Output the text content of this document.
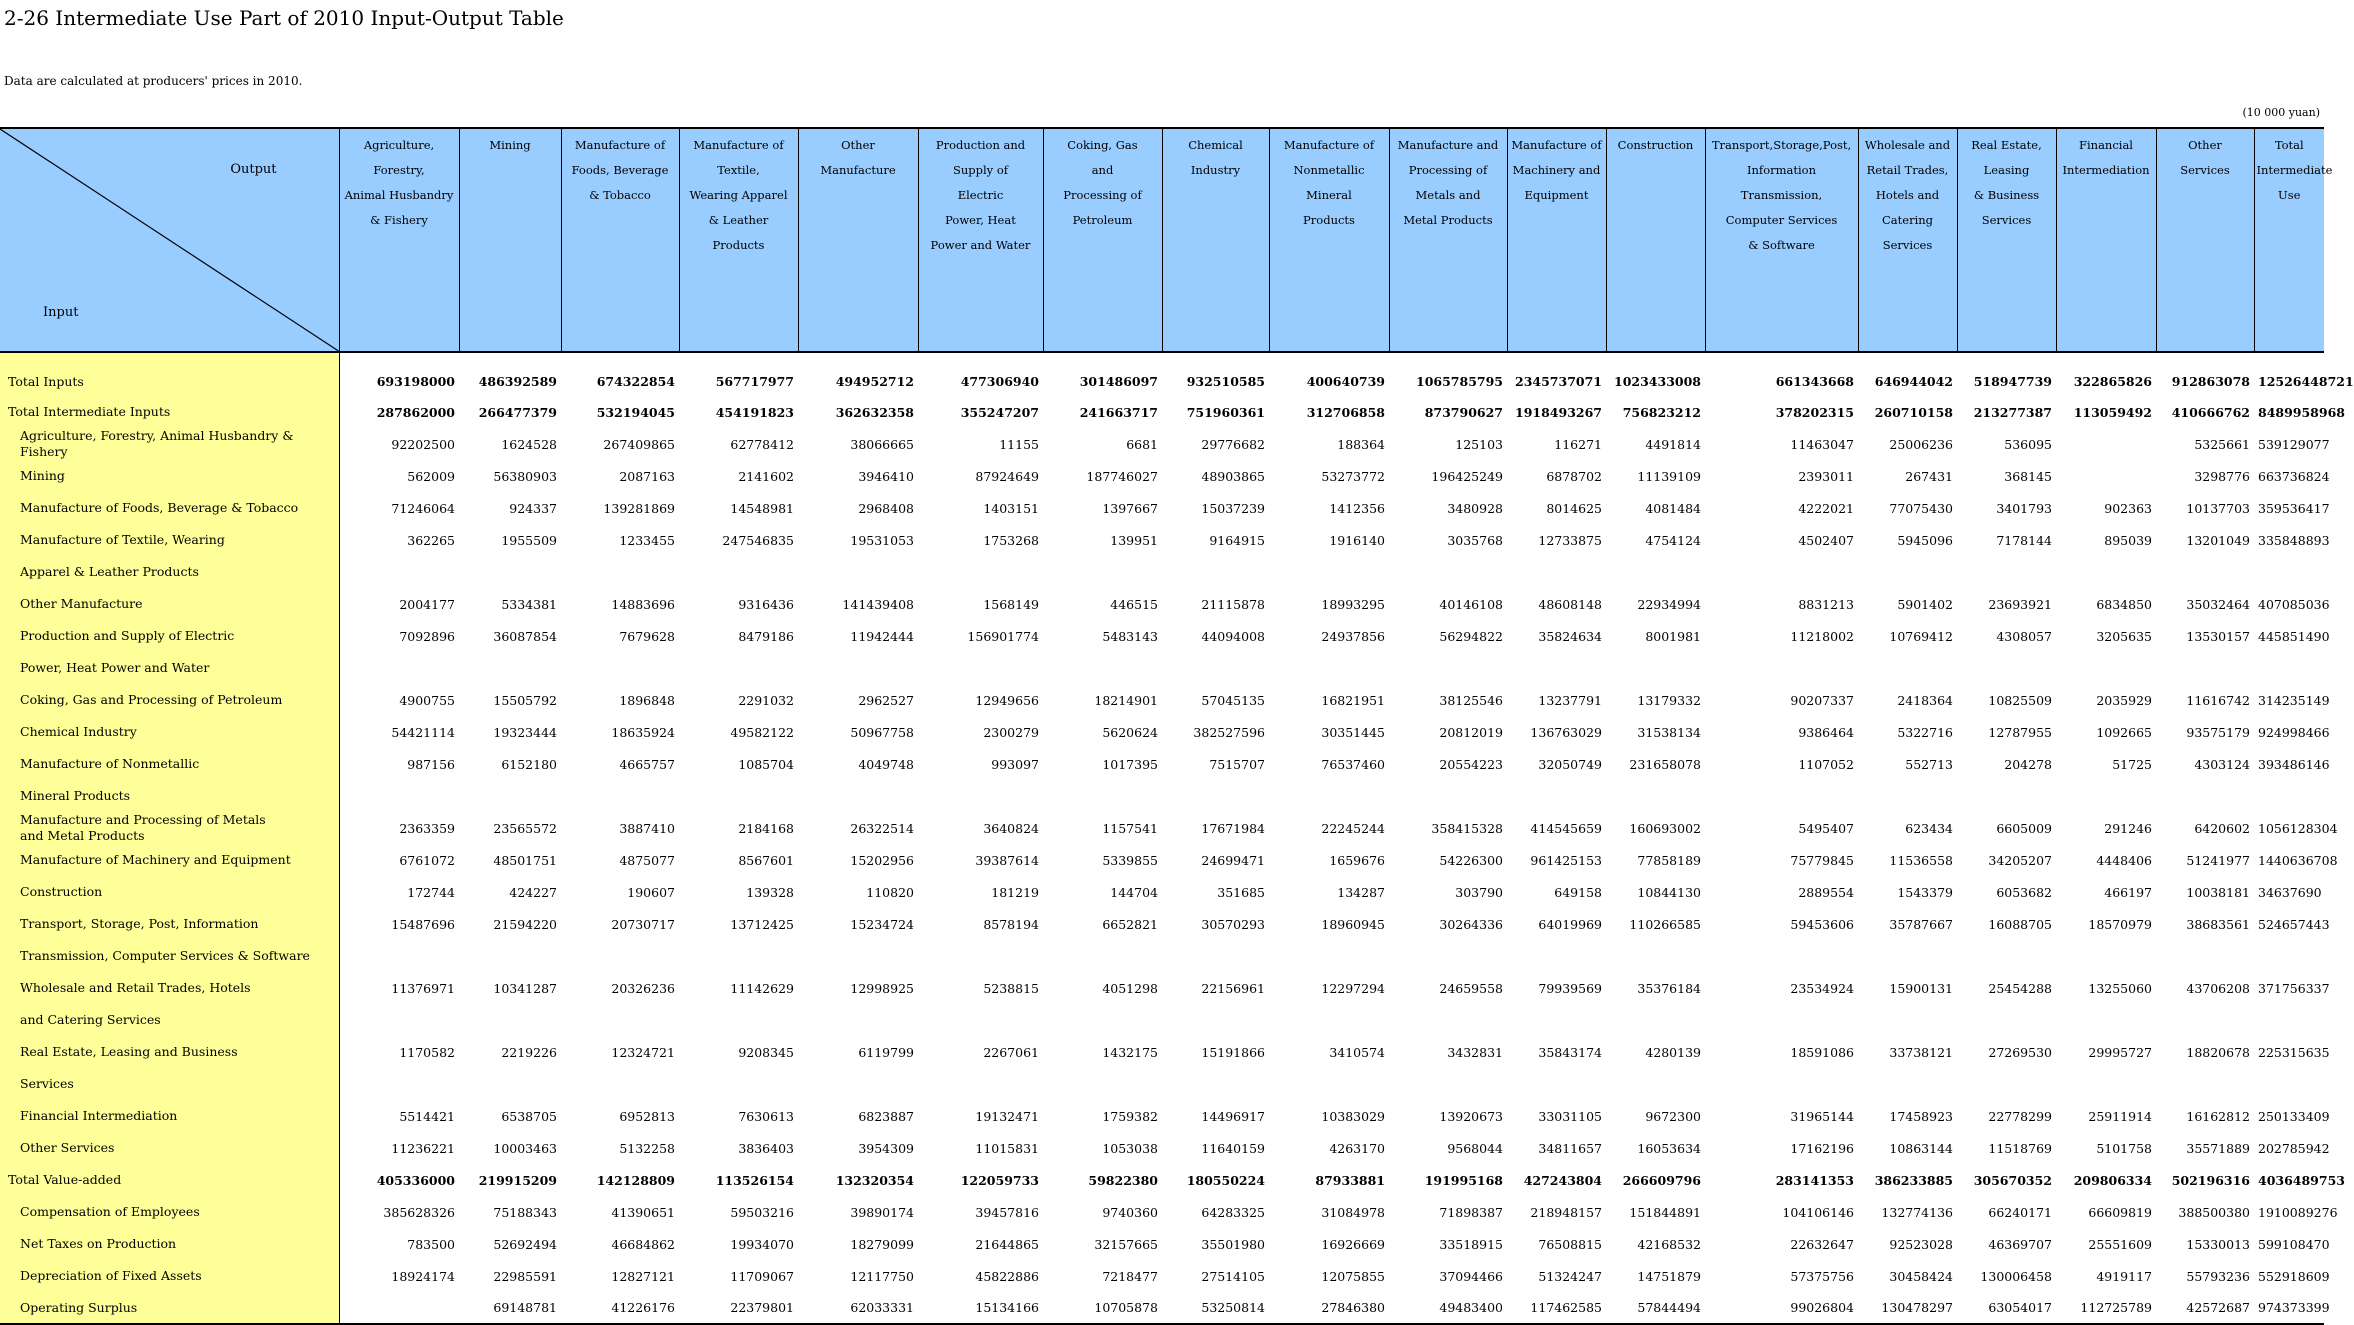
2-26 Intermediate Use Part of 2010 Input-Output Table
Data are calculated at producers' prices in 2010.
(10 000 yuan)
Output
Input	Agriculture,
Forestry,
Animal Husbandry
& Fishery	Mining	Manufacture of
Foods, Beverage
& Tobacco	Manufacture of
Textile,
Wearing Apparel
& Leather Products	Other
Manufacture	Production and
Supply of
Electric
Power, Heat
Power and Water	Coking, Gas
and
Processing of
Petroleum	Chemical
Industry	Manufacture of
Nonmetallic
Mineral
Products	Manufacture and
Processing of
Metals and
Metal Products	Manufacture of
Machinery and
Equipment	Construction	Transport,Storage,Post,
Information Transmission,
Computer Services
& Software	Wholesale and
Retail Trades,
Hotels and
Catering
Services	Real Estate,
Leasing
& Business
Services	Financial
Intermediation	Other
Services	Total
Intermediate
Use
Total Inputs	693198000	486392589	674322854	567717977	494952712	477306940	301486097	932510585	400640739	1065785795	2345737071	1023433008	661343668	646944042	518947739	322865826	912863078	12526448721
Total Intermediate Inputs	287862000	266477379	532194045	454191823	362632358	355247207	241663717	751960361	312706858	873790627	1918493267	756823212	378202315	260710158	213277387	113059492	410666762	8489958968
Agriculture, Forestry, Animal Husbandry & Fishery	92202500	1624528	267409865	62778412	38066665	11155	6681	29776682	188364	125103	116271	4491814	11463047	25006236	536095		5325661	539129077
Mining	562009	56380903	2087163	2141602	3946410	87924649	187746027	48903865	53273772	196425249	6878702	11139109	2393011	267431	368145		3298776	663736824
Manufacture of Foods, Beverage & Tobacco	71246064	924337	139281869	14548981	2968408	1403151	1397667	15037239	1412356	3480928	8014625	4081484	4222021	77075430	3401793	902363	10137703	359536417
Manufacture of Textile, Wearing	362265	1955509	1233455	247546835	19531053	1753268	139951	9164915	1916140	3035768	12733875	4754124	4502407	5945096	7178144	895039	13201049	335848893
Apparel & Leather Products																		
Other Manufacture	2004177	5334381	14883696	9316436	141439408	1568149	446515	21115878	18993295	40146108	48608148	22934994	8831213	5901402	23693921	6834850	35032464	407085036
Production and Supply of Electric	7092896	36087854	7679628	8479186	11942444	156901774	5483143	44094008	24937856	56294822	35824634	8001981	11218002	10769412	4308057	3205635	13530157	445851490
Power, Heat Power and Water																		
Coking, Gas and Processing of Petroleum	4900755	15505792	1896848	2291032	2962527	12949656	18214901	57045135	16821951	38125546	13237791	13179332	90207337	2418364	10825509	2035929	11616742	314235149
Chemical Industry	54421114	19323444	18635924	49582122	50967758	2300279	5620624	382527596	30351445	20812019	136763029	31538134	9386464	5322716	12787955	1092665	93575179	924998466
Manufacture of Nonmetallic	987156	6152180	4665757	1085704	4049748	993097	1017395	7515707	76537460	20554223	32050749	231658078	1107052	552713	204278	51725	4303124	393486146
Mineral Products																		
Manufacture and Processing of Metals
and Metal Products	2363359	23565572	3887410	2184168	26322514	3640824	1157541	17671984	22245244	358415328	414545659	160693002	5495407	623434	6605009	291246	6420602	1056128304
Manufacture of Machinery and Equipment	6761072	48501751	4875077	8567601	15202956	39387614	5339855	24699471	1659676	54226300	961425153	77858189	75779845	11536558	34205207	4448406	51241977	1440636708
Construction	172744	424227	190607	139328	110820	181219	144704	351685	134287	303790	649158	10844130	2889554	1543379	6053682	466197	10038181	34637690
Transport, Storage, Post, Information	15487696	21594220	20730717	13712425	15234724	8578194	6652821	30570293	18960945	30264336	64019969	110266585	59453606	35787667	16088705	18570979	38683561	524657443
Transmission, Computer Services & Software																		
Wholesale and Retail Trades, Hotels	11376971	10341287	20326236	11142629	12998925	5238815	4051298	22156961	12297294	24659558	79939569	35376184	23534924	15900131	25454288	13255060	43706208	371756337
and Catering Services																		
Real Estate, Leasing and Business	1170582	2219226	12324721	9208345	6119799	2267061	1432175	15191866	3410574	3432831	35843174	4280139	18591086	33738121	27269530	29995727	18820678	225315635
Services																		
Financial Intermediation	5514421	6538705	6952813	7630613	6823887	19132471	1759382	14496917	10383029	13920673	33031105	9672300	31965144	17458923	22778299	25911914	16162812	250133409
Other Services	11236221	10003463	5132258	3836403	3954309	11015831	1053038	11640159	4263170	9568044	34811657	16053634	17162196	10863144	11518769	5101758	35571889	202785942
Total Value-added	405336000	219915209	142128809	113526154	132320354	122059733	59822380	180550224	87933881	191995168	427243804	266609796	283141353	386233885	305670352	209806334	502196316	4036489753
Compensation of Employees	385628326	75188343	41390651	59503216	39890174	39457816	9740360	64283325	31084978	71898387	218948157	151844891	104106146	132774136	66240171	66609819	388500380	1910089276
Net Taxes on Production	783500	52692494	46684862	19934070	18279099	21644865	32157665	35501980	16926669	33518915	76508815	42168532	22632647	92523028	46369707	25551609	15330013	599108470
Depreciation of Fixed Assets	18924174	22985591	12827121	11709067	12117750	45822886	7218477	27514105	12075855	37094466	51324247	14751879	57375756	30458424	130006458	4919117	55793236	552918609
Operating Surplus		69148781	41226176	22379801	62033331	15134166	10705878	53250814	27846380	49483400	117462585	57844494	99026804	130478297	63054017	112725789	42572687	974373399
